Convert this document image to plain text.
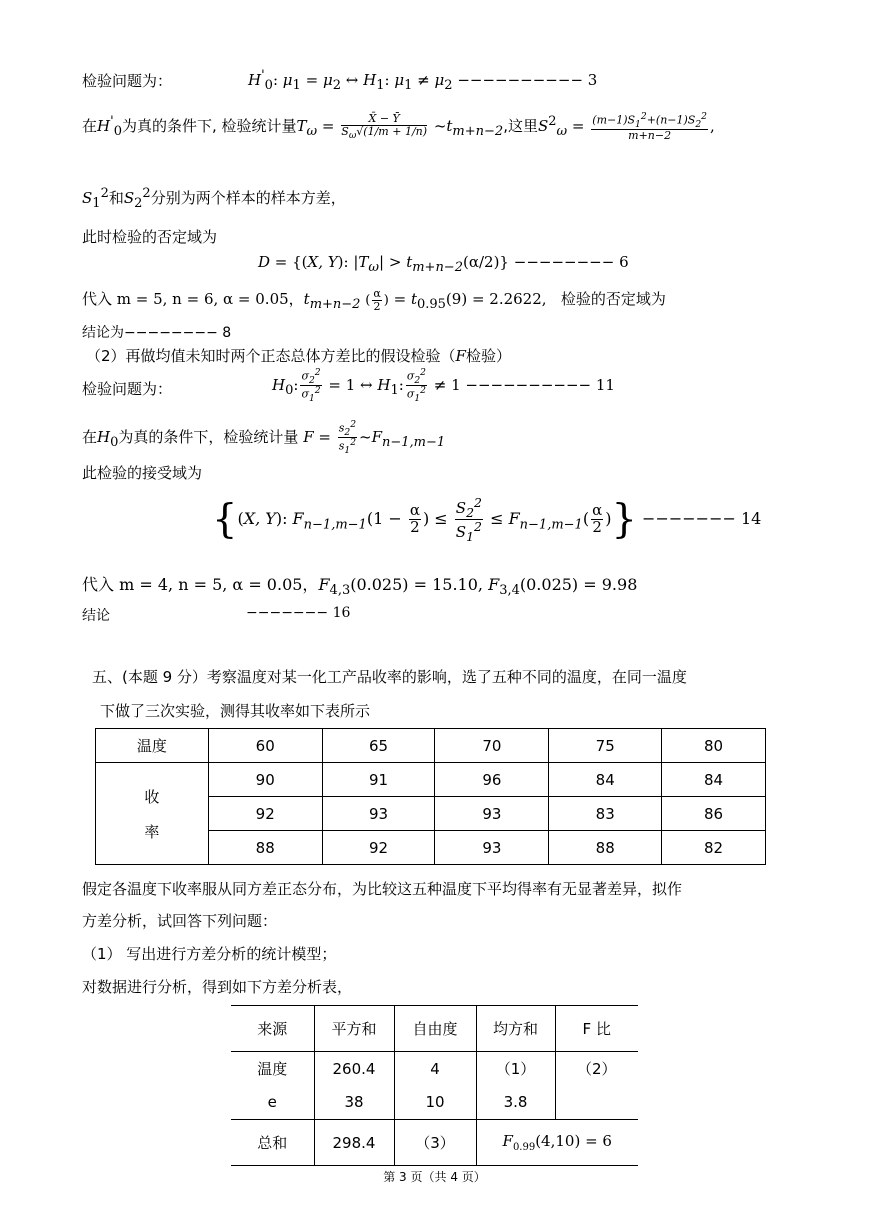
检验问题为：	$H'_0$: $\mu_1 = \mu_2$ ↔ $H_1$: $\mu_1 \ne \mu_2$ −−−−−−−−−− 3
在$H'_0$为真的条件下, 检验统计量$T_\omega = \frac{X̄ - Ȳ}{S_\omega√(1/m + 1/n)}$ $\sim t_{m+n-2}$,这里$S^2_\omega = \frac{(m-1)S_1^2+(n-1)S_2^2}{m+n-2}$ ,
$S_1^2$和$S_2^2$分别为两个样本的样本方差，
此时检验的否定域为
D = {(X, Y): $|T_\omega| > t_{m+n-2}(\alpha/2)$} −−−−−−−− 6
代入 m = 5, n = 6, α = 0.05，$t_{m+n-2}$ ( $\frac{\alpha}{2}$ ) = $t_{0.95}(9) = 2.2622$,   检验的否定域为
结论为−−−−−−−− 8
（2）再做均值未知时两个正态总体方差比的假设检验（F检验）
检验问题为：	$H_0$: $\frac{\sigma_2^2}{\sigma_1^2} = 1$ ↔ $H_1$: $\frac{\sigma_2^2}{\sigma_1^2} \ne 1$ −−−−−−−−−− 11
在$H_0$为真的条件下，检验统计量 $F = \frac{s_2^2}{s_1^2}$ $\sim F_{n-1,m-1}$
此检验的接受域为
{(X, Y): $F_{n-1,m-1}(1 - \frac{\alpha}{2}$ ) ≤ $\frac{S_2^2}{S_1^2} \le F_{n-1,m-1}( \frac{\alpha}{2}$ )} −−−−−−− 14
代入 m = 4, n = 5, α = 0.05，$F_{4,3}(0.025) = 15.10$, $F_{3,4}(0.025) = 9.98$
结论	−−−−−−− 16
五、(本题 9 分）考察温度对某一化工产品收率的影响，选了五种不同的温度，在同一温度
下做了三次实验，测得其收率如下表所示
温度	60	65	70	75	80

收
率	90	91	96	84	84
	92	93	93	83	86
	88	92	93	88	82
假定各温度下收率服从同方差正态分布，为比较这五种温度下平均得率有无显著差异，拟作
方差分析，试回答下列问题：
（1） 写出进行方差分析的统计模型；
对数据进行分析，得到如下方差分析表，
来源	平方和	自由度	均方和	F 比
温度	260.4	4	（1）	（2）
e	38	10	3.8	
总和	298.4	（3）	$F_{0.99}(4,10) = 6$	
第 3 页（共 4 页）
